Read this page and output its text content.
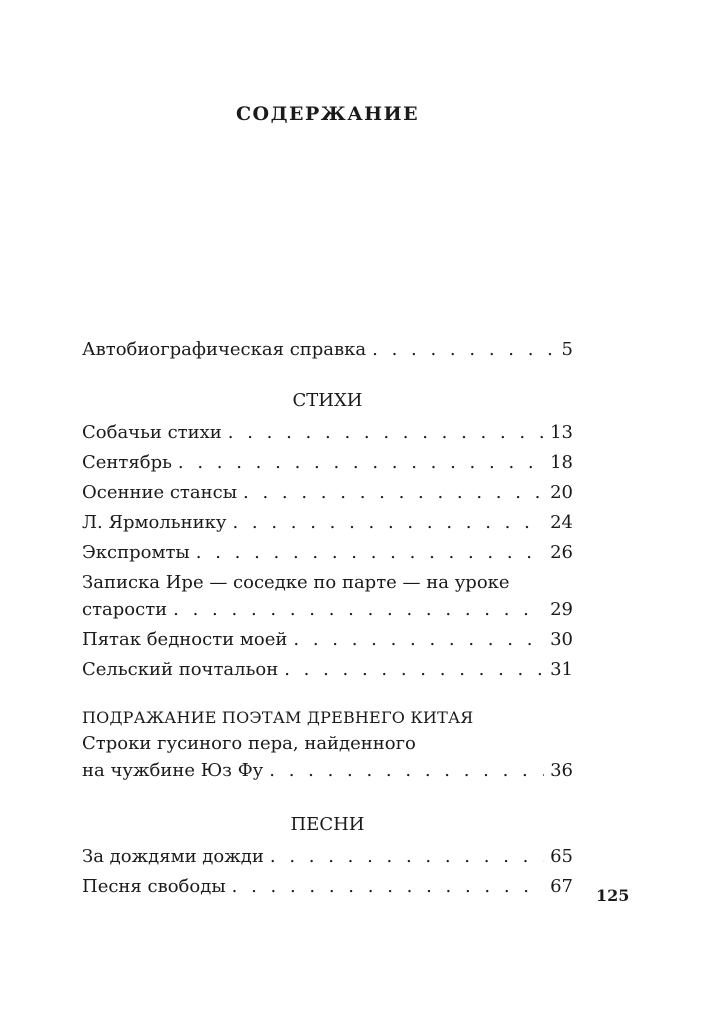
СОДЕРЖАНИЕ
Автобиографическая справка . . .	5
СТИХИ
Собачьи стихи . . .	13
Сентябрь . . .	18
Осенние стансы . . .	20
Л. Ярмольнику . . .	24
Экспромты . . .	26
Записка Ире — соседке по парте — на уроке
старости . . .	29
Пятак бедности моей . . .	30
Сельский почтальон . . .	31
ПОДРАЖАНИЕ ПОЭТАМ ДРЕВНЕГО КИТАЯ
Строки гусиного пера, найденного
на чужбине Юз Фу . . .	36
ПЕСНИ
За дождями дожди . . .	65
Песня свободы . . .	67 125
